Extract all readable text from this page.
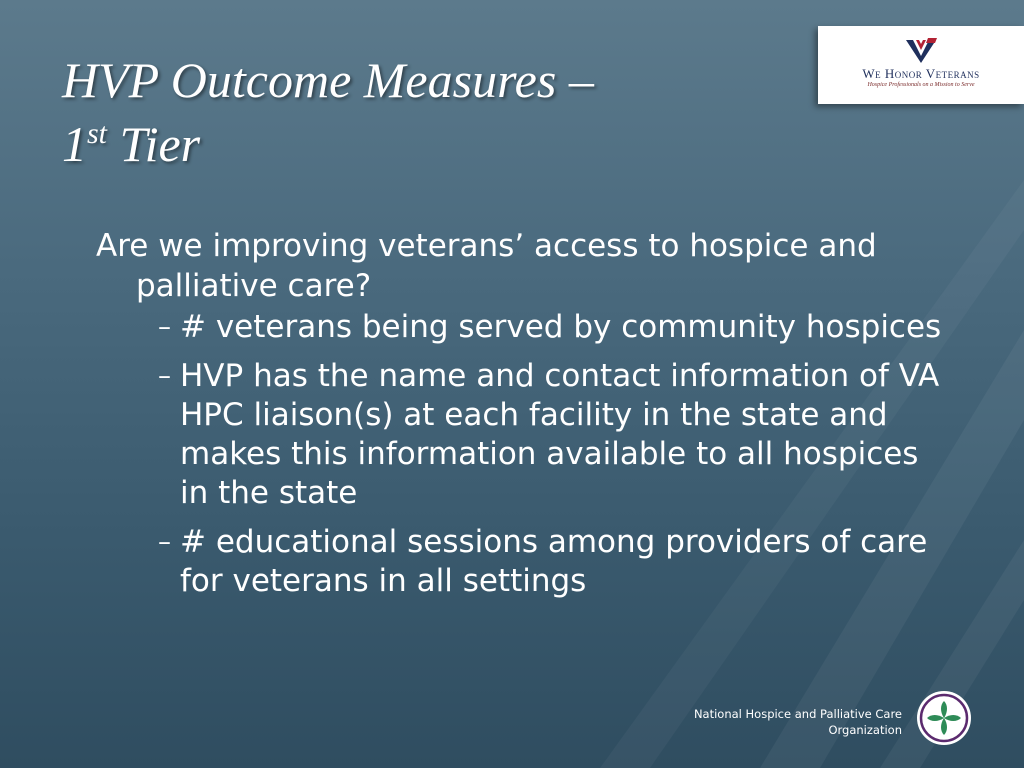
HVP Outcome Measures –
1st Tier
We Honor Veterans
Hospice Professionals on a Mission to Serve

Are we improving veterans’ access to hospice and palliative care?

– # veterans being served by community hospices
– HVP has the name and contact information of VA HPC liaison(s) at each facility in the state and makes this information available to all hospices in the state
– # educational sessions among providers of care for veterans in all settings
National Hospice and Palliative Care
Organization
